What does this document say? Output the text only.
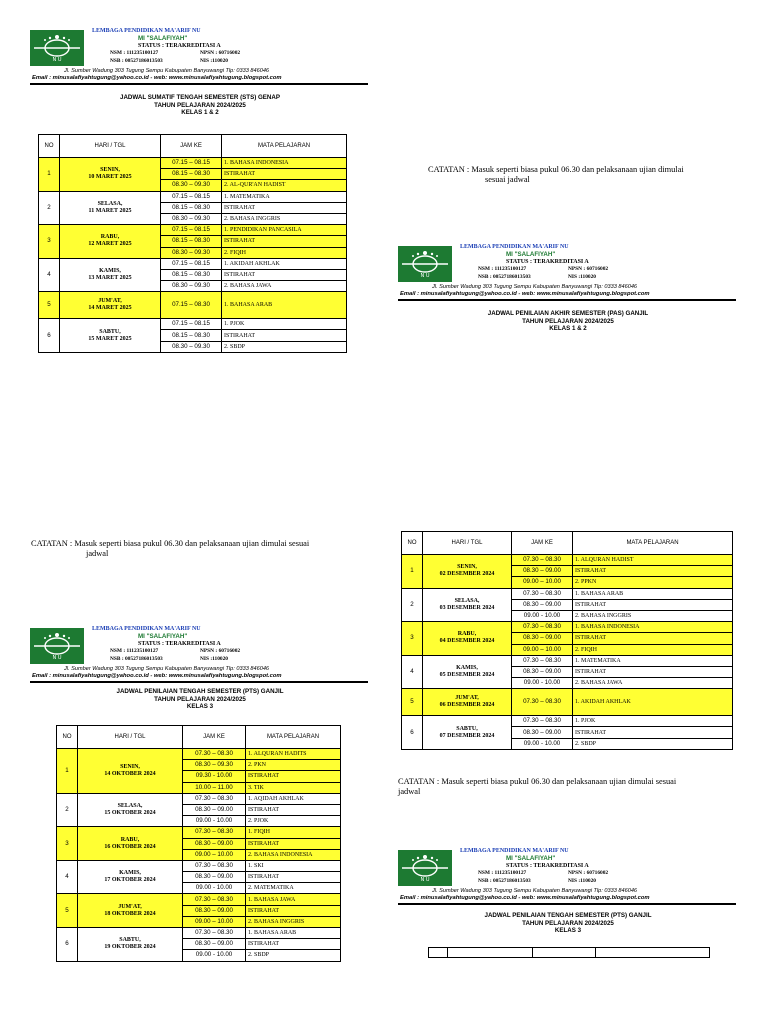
N U
LEMBAGA PENDIDIKAN MA'ARIF NU
MI "SALAFIYAH"
STATUS : TERAKREDITASI A
NSM : 111235100127	NPSN : 60716002
NSB : 00527186013503	NIS :110020
Jl. Sumber Wadung 303 Tugung Sempu Kabupaten Banyuwangi Tlp: 0333 846046
Email : minusalafiyahtugung@yahoo.co.id - web: www.minusalafiyahtugung.blogspot.com
JADWAL SUMATIF TENGAH SEMESTER (STS) GENAP
TAHUN PELAJARAN 2024/2025
KELAS 1 & 2
NO	HARI / TGL	JAM KE	MATA PELAJARAN
1	SENIN,
10 MARET 2025	07.15 – 08.15	1. BAHASA INDONESIA
		08.15 – 08.30	ISTIRAHAT
		08.30 – 09.30	2. AL-QUR'AN HADIST
2	SELASA,
11 MARET 2025	07.15 – 08.15	1. MATEMATIKA
		08.15 – 08.30	ISTIRAHAT
		08.30 – 09.30	2. BAHASA INGGRIS
3	RABU,
12 MARET 2025	07.15 – 08.15	1. PENDIDIKAN PANCASILA
		08.15 – 08.30	ISTIRAHAT
		08.30 – 09.30	2. FIQIH
4	KAMIS,
13 MARET 2025	07.15 – 08.15	1. AKIDAH AKHLAK
		08.15 – 08.30	ISTIRAHAT
		08.30 – 09.30	2. BAHASA JAWA
5	JUM'AT,
14 MARET 2025	07.15 – 08.30	1. BAHASA ARAB
6	SABTU,
15 MARET 2025	07.15 – 08.15	1. PJOK
		08.15 – 08.30	ISTIRAHAT
		08.30 – 09.30	2. SBDP
CATATAN : Masuk seperti biasa pukul 06.30 dan pelaksanaan ujian dimulai
sesuai jadwal
N U
LEMBAGA PENDIDIKAN MA'ARIF NU
MI "SALAFIYAH"
STATUS : TERAKREDITASI A
NSM : 111235100127	NPSN : 60716002
NSB : 00527186013503	NIS :110020
Jl. Sumber Wadung 303 Tugung Sempu Kabupaten Banyuwangi Tlp: 0333 846046
Email : minusalafiyahtugung@yahoo.co.id - web: www.minusalafiyahtugung.blogspot.com
JADWAL PENILAIAN AKHIR SEMESTER (PAS) GANJIL
TAHUN PELAJARAN 2024/2025
KELAS 1 & 2
CATATAN : Masuk seperti biasa pukul 06.30 dan pelaksanaan ujian dimulai sesuai
jadwal
NO	HARI / TGL	JAM KE	MATA PELAJARAN
1	SENIN,
02 DESEMBER 2024	07.30 – 08.30	1. ALQURAN HADIST
		08.30 – 09.00	ISTIRAHAT
		09.00 – 10.00	2. PPKN
2	SELASA,
03 DESEMBER 2024	07.30 – 08.30	1. BAHASA ARAB
		08.30 – 09.00	ISTIRAHAT
		09.00 - 10.00	2. BAHASA INGGRIS
3	RABU,
04 DESEMBER 2024	07.30 – 08.30	1. BAHASA INDONESIA
		08.30 – 09.00	ISTIRAHAT
		09.00 – 10.00	2. FIQIH
4	KAMIS,
05 DESEMBER 2024	07.30 – 08.30	1. MATEMATIKA
		08.30 – 09.00	ISTIRAHAT
		09.00 - 10.00	2. BAHASA JAWA
5	JUM'AT,
06 DESEMBER 2024	07.30 – 08.30	1. AKIDAH AKHLAK
6	SABTU,
07 DESEMBER 2024	07.30 – 08.30	1. PJOK
		08.30 – 09.00	ISTIRAHAT
		09.00 - 10.00	2. SBDP
N U
LEMBAGA PENDIDIKAN MA'ARIF NU
MI "SALAFIYAH"
STATUS : TERAKREDITASI A
NSM : 111235100127	NPSN : 60716002
NSB : 00527186013503	NIS :110020
Jl. Sumber Wadung 303 Tugung Sempu Kabupaten Banyuwangi Tlp: 0333 846046
Email : minusalafiyahtugung@yahoo.co.id - web: www.minusalafiyahtugung.blogspot.com
JADWAL PENILAIAN TENGAH SEMESTER (PTS) GANJIL
TAHUN PELAJARAN 2024/2025
KELAS 3
NO	HARI / TGL	JAM KE	MATA PELAJARAN
1	SENIN,
14 OKTOBER 2024	07.30 – 08.30	1. ALQURAN HADITS
		08.30 – 09.30	2. PKN
		09.30 - 10.00	ISTIRAHAT
		10.00 – 11.00	3. TIK
2	SELASA,
15 OKTOBER 2024	07.30 – 08.30	1. AQIDAH AKHLAK
		08.30 – 09.00	ISTIRAHAT
		09.00 - 10.00	2. PJOK
3	RABU,
16 OKTOBER 2024	07.30 – 08.30	1. FIQIH
		08.30 – 09.00	ISTIRAHAT
		09.00 – 10.00	2. BAHASA INDONESIA
4	KAMIS,
17 OKTOBER 2024	07.30 – 08.30	1. SKI
		08.30 – 09.00	ISTIRAHAT
		09.00 - 10.00	2. MATEMATIKA
5	JUM'AT,
18 OKTOBER 2024	07.30 – 08.30	1. BAHASA JAWA
		08.30 – 09.00	ISTIRAHAT
		09.00 – 10.00	2. BAHASA INGGRIS
6	SABTU,
19 OKTOBER 2024	07.30 – 08.30	1. BAHASA ARAB
		08.30 – 09.00	ISTIRAHAT
		09.00 - 10.00	2. SBDP
CATATAN : Masuk seperti biasa pukul 06.30 dan pelaksanaan ujian dimulai sesuai
jadwal
N U
LEMBAGA PENDIDIKAN MA'ARIF NU
MI "SALAFIYAH"
STATUS : TERAKREDITASI A
NSM : 111235100127	NPSN : 60716002
NSB : 00527186013503	NIS :110020
Jl. Sumber Wadung 303 Tugung Sempu Kabupaten Banyuwangi Tlp: 0333 846046
Email : minusalafiyahtugung@yahoo.co.id - web: www.minusalafiyahtugung.blogspot.com
JADWAL PENILAIAN TENGAH SEMESTER (PTS) GANJIL
TAHUN PELAJARAN 2024/2025
KELAS 3
